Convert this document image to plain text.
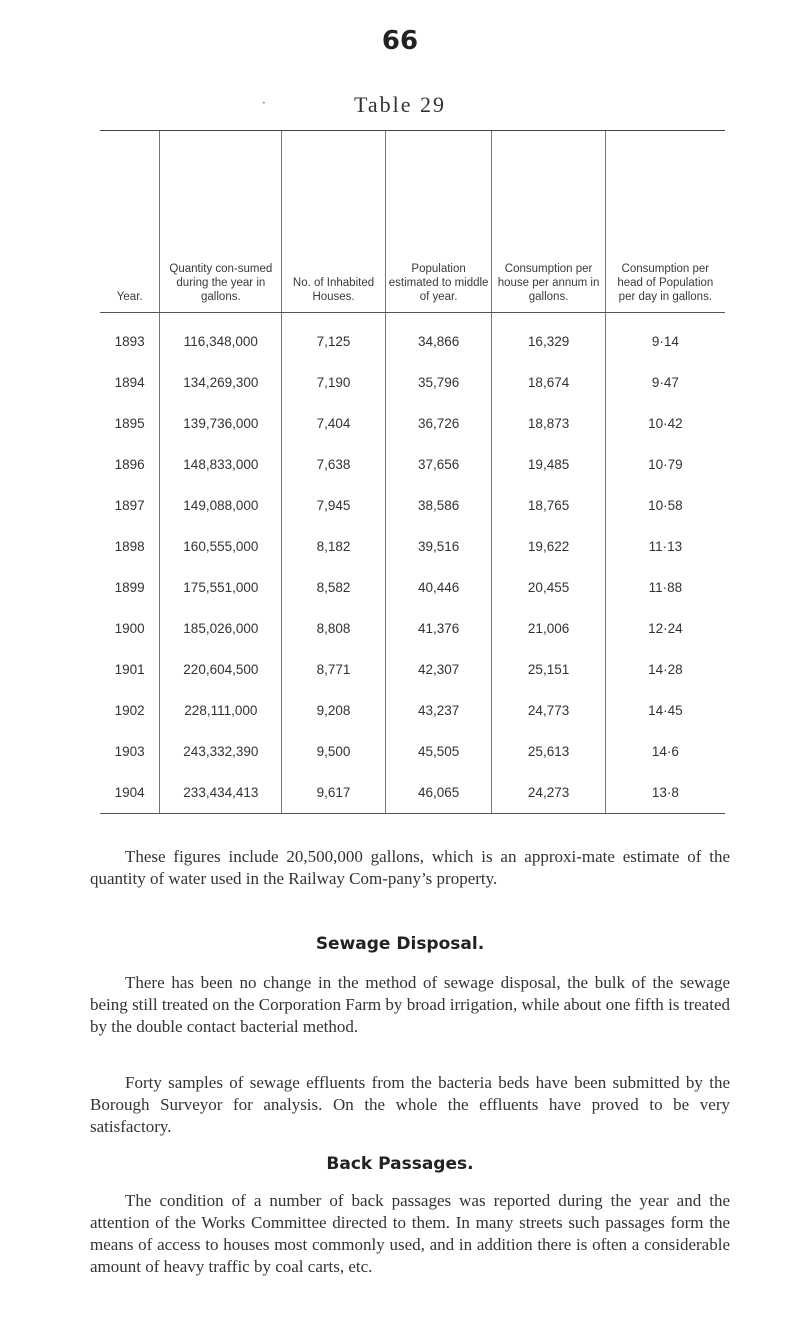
66
·	Table 29
Year.	Quantity con-sumed during the year in gallons.	No. of Inhabited Houses.	Population estimated to middle of year.	Consumption per house per annum in gallons.	Consumption per head of Population per day in gallons.
1893	116,348,000	7,125	34,866	16,329	9·14
1894	134,269,300	7,190	35,796	18,674	9·47
1895	139,736,000	7,404	36,726	18,873	10·42
1896	148,833,000	7,638	37,656	19,485	10·79
1897	149,088,000	7,945	38,586	18,765	10·58
1898	160,555,000	8,182	39,516	19,622	11·13
1899	175,551,000	8,582	40,446	20,455	11·88
1900	185,026,000	8,808	41,376	21,006	12·24
1901	220,604,500	8,771	42,307	25,151	14·28
1902	228,111,000	9,208	43,237	24,773	14·45
1903	243,332,390	9,500	45,505	25,613	14·6
1904	233,434,413	9,617	46,065	24,273	13·8

These figures include 20,500,000 gallons, which is an approxi-mate estimate of the quantity of water used in the Railway Com-pany’s property.

Sewage Disposal.

There has been no change in the method of sewage disposal, the bulk of the sewage being still treated on the Corporation Farm by broad irrigation, while about one fifth is treated by the double contact bacterial method.

Forty samples of sewage effluents from the bacteria beds have been submitted by the Borough Surveyor for analysis. On the whole the effluents have proved to be very satisfactory.

Back Passages.

The condition of a number of back passages was reported during the year and the attention of the Works Committee directed to them. In many streets such passages form the means of access to houses most commonly used, and in addition there is often a considerable amount of heavy traffic by coal carts, etc.
